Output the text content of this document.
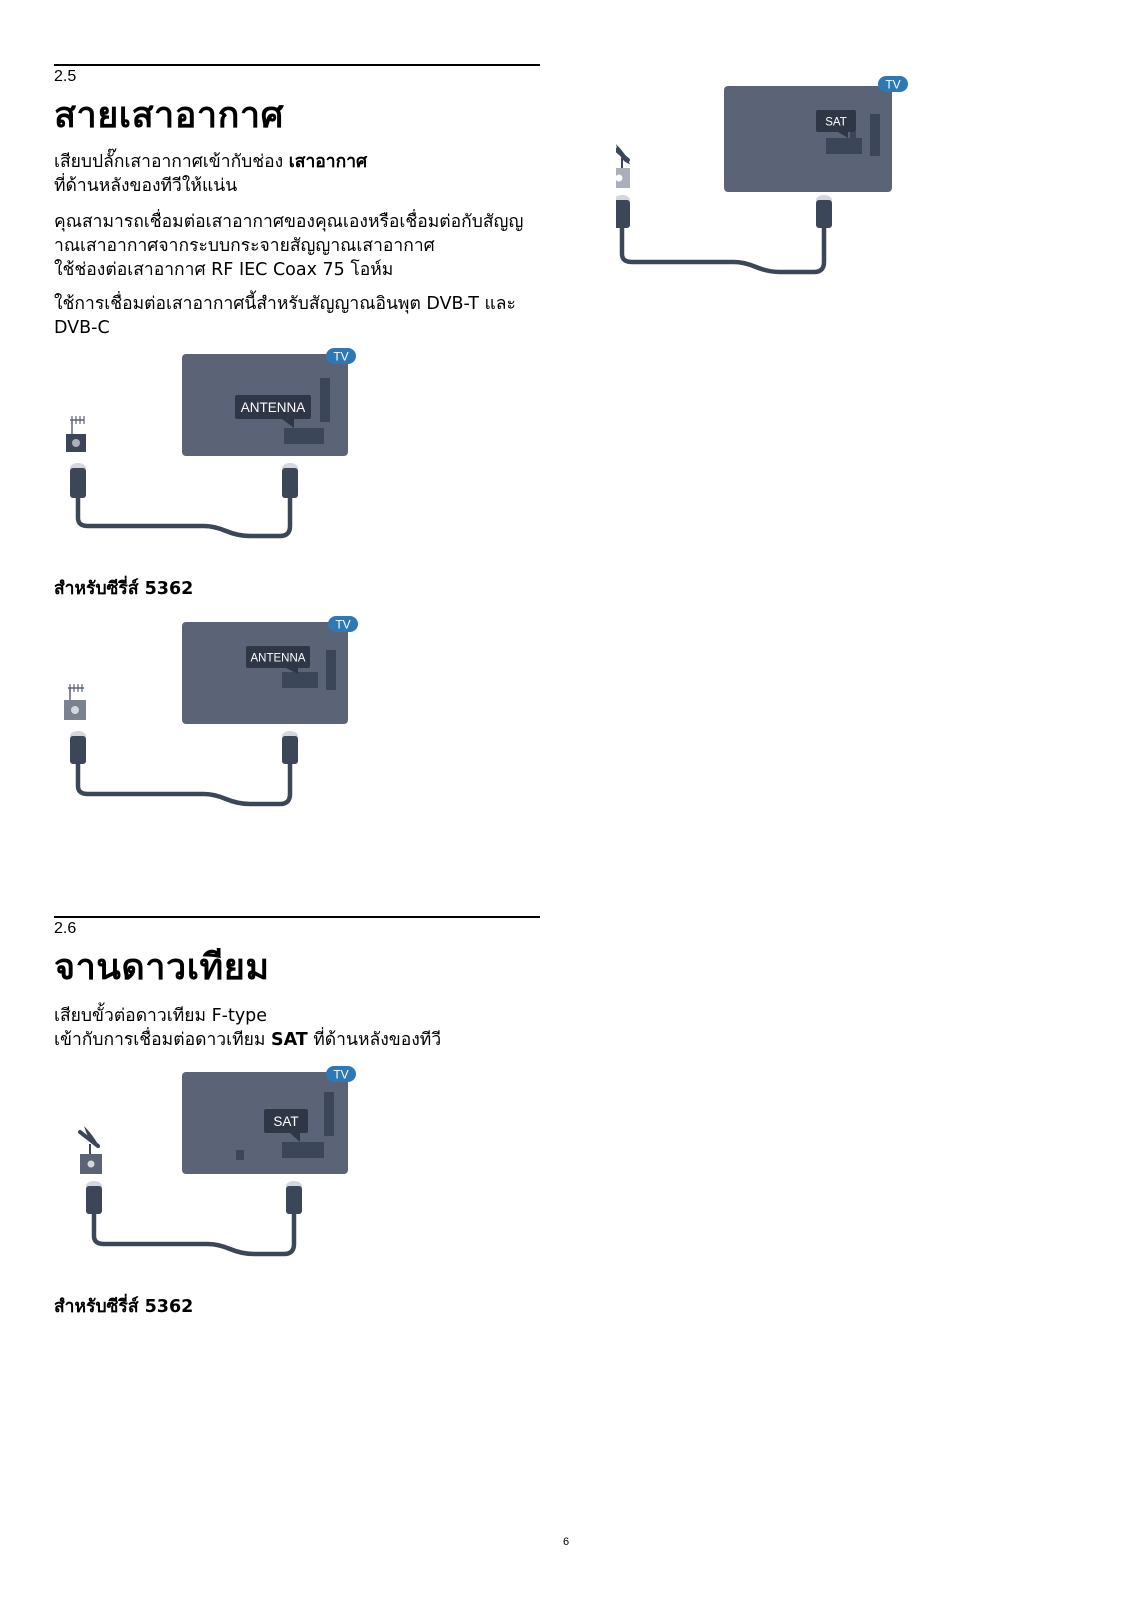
2.5
สายเสาอากาศ
เสียบปลั๊กเสาอากาศเข้ากับช่อง เสาอากาศ
ที่ด้านหลังของทีวีให้แน่น
คุณสามารถเชื่อมต่อเสาอากาศของคุณเองหรือเชื่อมต่อกับสัญญ
าณเสาอากาศจากระบบกระจายสัญญาณเสาอากาศ
ใช้ช่องต่อเสาอากาศ RF IEC Coax 75 โอห์ม
ใช้การเชื่อมต่อเสาอากาศนี้สำหรับสัญญาณอินพุต DVB-T และ
DVB-C
TV
ANTENNA
สำหรับซีรี่ส์ 5362
TV
ANTENNA
2.6
จานดาวเทียม
เสียบขั้วต่อดาวเทียม F-type
เข้ากับการเชื่อมต่อดาวเทียม SAT ที่ด้านหลังของทีวี
TV
SAT
สำหรับซีรี่ส์ 5362
TV
SAT
6
